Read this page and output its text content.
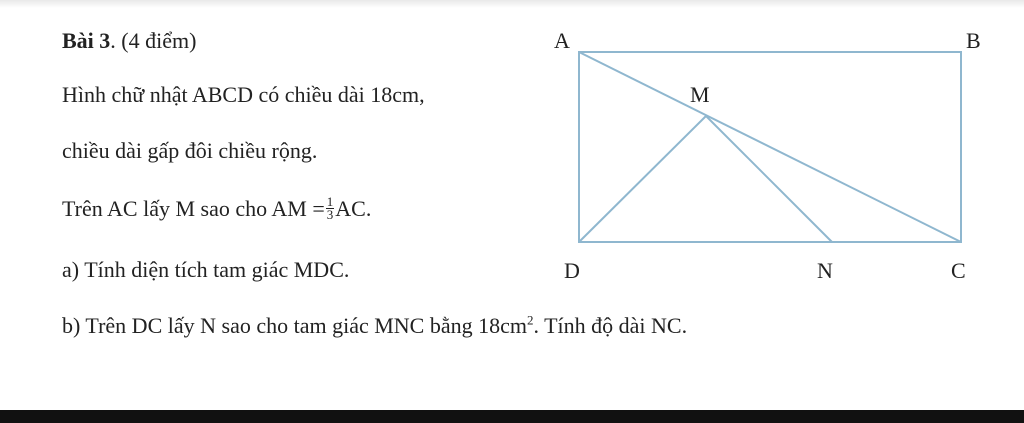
Bài 3. (4 điểm)
Hình chữ nhật ABCD có chiều dài 18cm,
chiều dài gấp đôi chiều rộng.
Trên AC lấy M sao cho AM = $\frac{1}{3}$ AC.
a) Tính diện tích tam giác MDC.
b) Trên DC lấy N sao cho tam giác MNC bằng $18cm^2$. Tính độ dài NC.
A	B
M
D	N	C
